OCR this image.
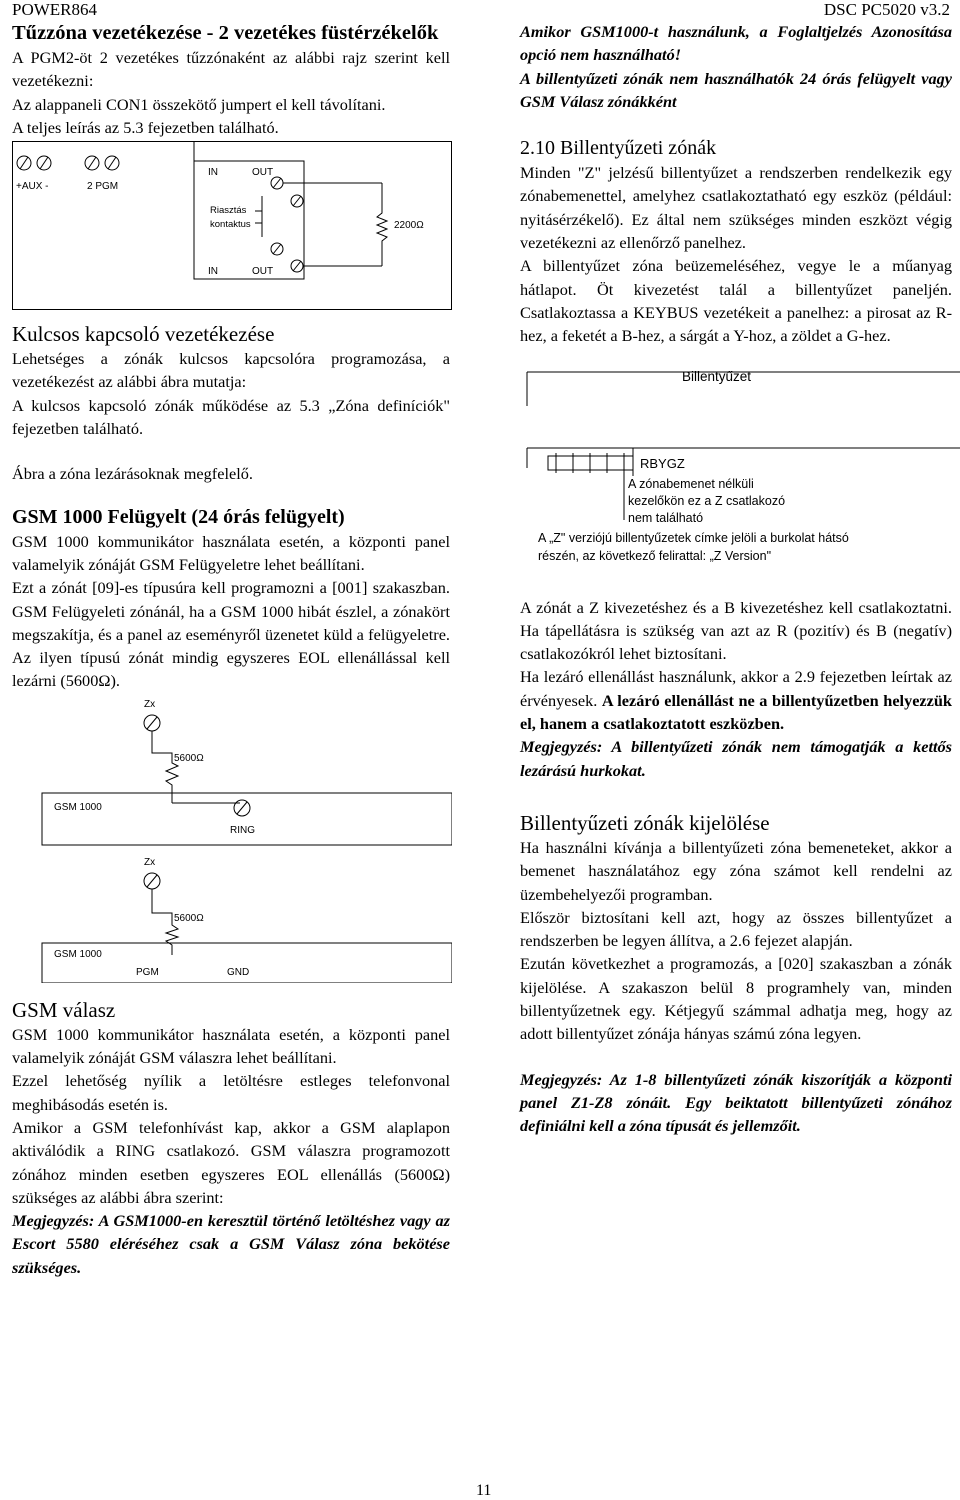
POWER864	DSC PC5020 v3.2

Tűzzóna vezetékezése - 2 vezetékes füstérzékelők

A PGM2-öt 2 vezetékes tűzzónaként az alábbi rajz szerint kell vezetékezni:

Az alappaneli CON1 összekötő jumpert el kell távolítani.

A teljes leírás az 5.3 fejezetben található.

+AUX -	2 PGM
IN	OUT
Riasztás
kontaktus
IN	OUT
2200Ω

Kulcsos kapcsoló vezetékezése

Lehetséges a zónák kulcsos kapcsolóra programozása, a vezetékezést az alábbi ábra mutatja:

A kulcsos kapcsoló zónák működése az 5.3 „Zóna definíciók" fejezetben található.

Ábra a zóna lezárásoknak megfelelő.

GSM 1000 Felügyelt (24 órás felügyelt)

GSM 1000 kommunikátor használata esetén, a központi panel valamelyik zónáját GSM Felügyeletre lehet beállítani.

Ezt a zónát [09]-es típusúra kell programozni a [001] szakaszban. GSM Felügyeleti zónánál, ha a GSM 1000 hibát észlel, a zónakört megszakítja, és a panel az eseményről üzenetet küld a felügyeletre. Az ilyen típusú zónát mindig egyszeres EOL ellenállással kell lezárni (5600Ω).

Zx
5600Ω
GSM 1000
RING
Zx
5600Ω
GSM 1000
PGM	GND

GSM válasz

GSM 1000 kommunikátor használata esetén, a központi panel valamelyik zónáját GSM válaszra lehet beállítani.

Ezzel lehetőség nyílik a letöltésre estleges telefonvonal meghibásodás esetén is.

Amikor a GSM telefonhívást kap, akkor a GSM alaplapon aktiválódik a RING csatlakozó. GSM válaszra programozott zónához minden esetben egyszeres EOL ellenállás (5600Ω) szükséges az alábbi ábra szerint:

Megjegyzés: A GSM1000-en keresztül történő letöltéshez vagy az Escort 5580 eléréséhez csak a GSM Válasz zóna bekötése szükséges.

Amikor GSM1000-t használunk, a Foglaltjelzés Azonosítása opció nem használható!

A billentyűzeti zónák nem használhatók 24 órás felügyelt vagy GSM Válasz zónákként

2.10 Billentyűzeti zónák

Minden "Z" jelzésű billentyűzet a rendszerben rendelkezik egy zónabemenettel, amelyhez csatlakoztatható egy eszköz (például: nyitásérzékelő). Ez által nem szükséges minden eszközt végig vezetékezni az ellenőrző panelhez.

A billentyűzet zóna beüzemeléséhez, vegye le a műanyag hátlapot. Öt kivezetést talál a billentyűzet paneljén. Csatlakoztassa a KEYBUS vezetékeit a panelhez: a pirosat az R-hez, a feketét a B-hez, a sárgát a Y-hoz, a zöldet a G-hez.

Billentyűzet
RBYGZ
A zónabemenet nélküli
kezelőkön ez a Z csatlakozó
nem található
A „Z" verziójú billentyűzetek címke jelöli a burkolat hátsó
részén, az következő felirattal: „Z Version"

A zónát a Z kivezetéshez és a B kivezetéshez kell csatlakoztatni. Ha tápellátásra is szükség van azt az R (pozitív) és B (negatív) csatlakozókról lehet biztosítani.

Ha lezáró ellenállást használunk, akkor a 2.9 fejezetben leírtak az érvényesek. A lezáró ellenállást ne a billentyűzetben helyezzük el, hanem a csatlakoztatott eszközben.

Megjegyzés: A billentyűzeti zónák nem támogatják a kettős lezárású hurkokat.

Billentyűzeti zónák kijelölése

Ha használni kívánja a billentyűzeti zóna bemeneteket, akkor a bemenet használatához egy zóna számot kell rendelni az üzembehelyezői programban.

Először biztosítani kell azt, hogy az összes billentyűzet a rendszerben be legyen állítva, a 2.6 fejezet alapján.

Ezután következhet a programozás, a [020] szakaszban a zónák kijelölése. A szakaszon belül 8 programhely van, minden billentyűzetnek egy. Kétjegyű számmal adhatja meg, hogy az adott billentyűzet zónája hányas számú zóna legyen.

Megjegyzés: Az 1-8 billentyűzeti zónák kiszorítják a központi panel Z1-Z8 zónáit. Egy beiktatott billentyűzeti zónához definiálni kell a zóna típusát és jellemzőit.

11
